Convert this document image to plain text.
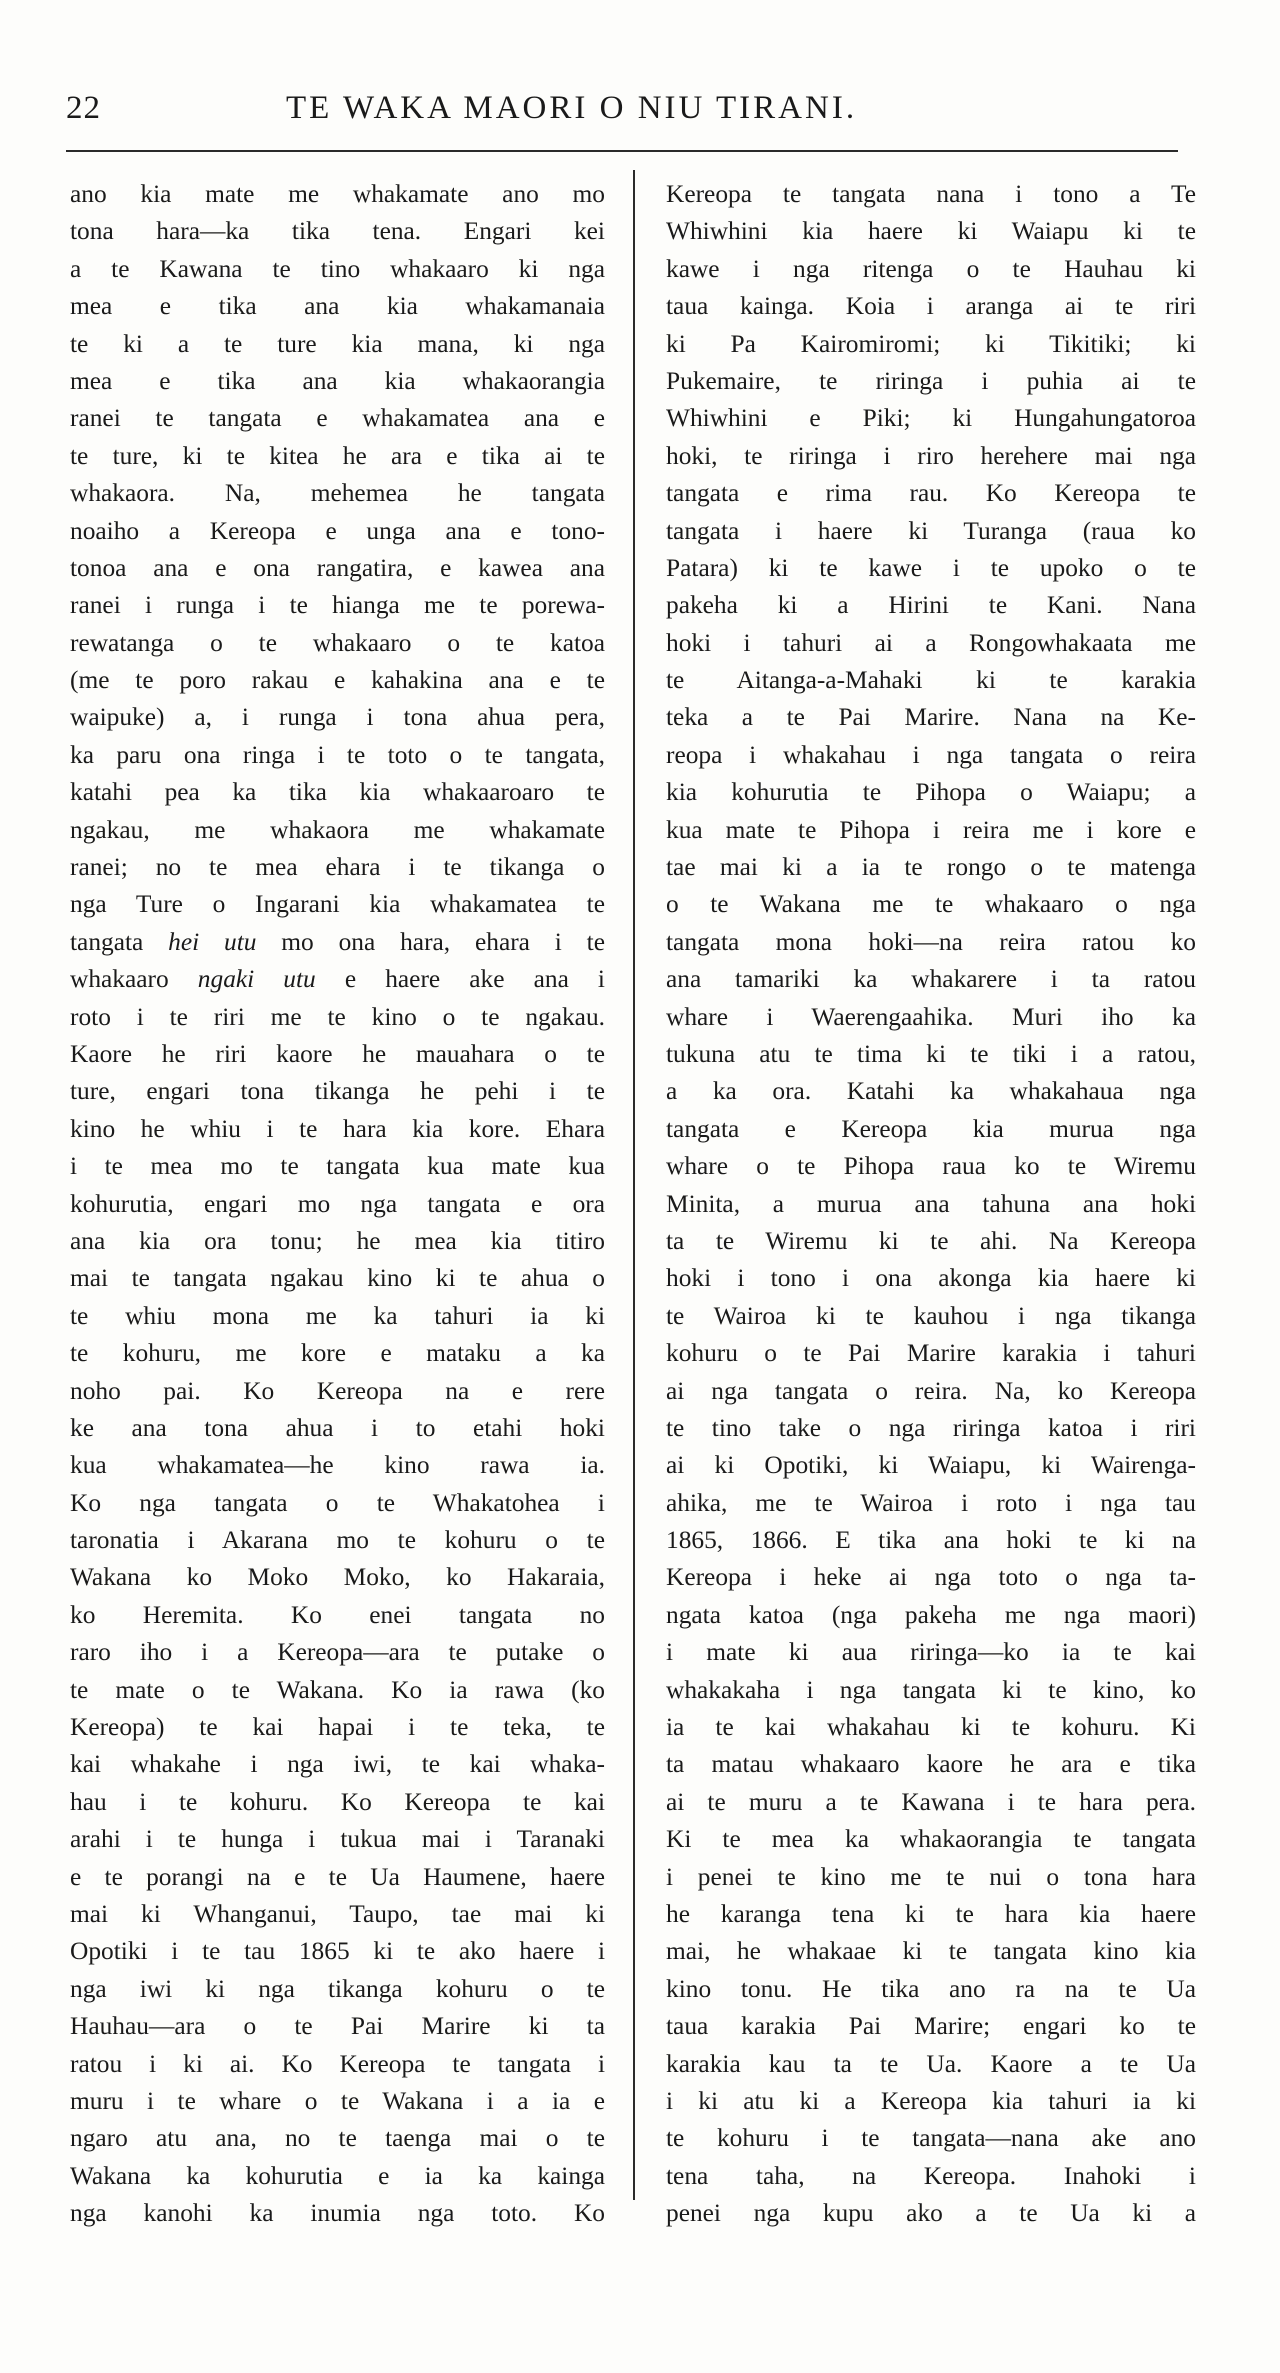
22	TE WAKA MAORI O NIU TIRANI.
ano kia mate me whakamate ano mo
tona hara—ka tika tena. Engari kei
a te Kawana te tino whakaaro ki nga
mea e tika ana kia whakamanaia
te ki a te ture kia mana, ki nga
mea e tika ana kia whakaorangia
ranei te tangata e whakamatea ana e
te ture, ki te kitea he ara e tika ai te
whakaora. Na, mehemea he tangata
noaiho a Kereopa e unga ana e tono-
tonoa ana e ona rangatira, e kawea ana
ranei i runga i te hianga me te porewa-
rewatanga o te whakaaro o te katoa
(me te poro rakau e kahakina ana e te
waipuke) a, i runga i tona ahua pera,
ka paru ona ringa i te toto o te tangata,
katahi pea ka tika kia whakaaroaro te
ngakau, me whakaora me whakamate
ranei; no te mea ehara i te tikanga o
nga Ture o Ingarani kia whakamatea te
tangata hei utu mo ona hara, ehara i te
whakaaro ngaki utu e haere ake ana i
roto i te riri me te kino o te ngakau.
Kaore he riri kaore he mauahara o te
ture, engari tona tikanga he pehi i te
kino he whiu i te hara kia kore. Ehara
i te mea mo te tangata kua mate kua
kohurutia, engari mo nga tangata e ora
ana kia ora tonu; he mea kia titiro
mai te tangata ngakau kino ki te ahua o
te whiu mona me ka tahuri ia ki
te kohuru, me kore e mataku a ka
noho pai. Ko Kereopa na e rere
ke ana tona ahua i to etahi hoki
kua whakamatea—he kino rawa ia.
Ko nga tangata o te Whakatohea i
taronatia i Akarana mo te kohuru o te
Wakana ko Moko Moko, ko Hakaraia,
ko Heremita. Ko enei tangata no
raro iho i a Kereopa—ara te putake o
te mate o te Wakana. Ko ia rawa (ko
Kereopa) te kai hapai i te teka, te
kai whakahe i nga iwi, te kai whaka-
hau i te kohuru. Ko Kereopa te kai
arahi i te hunga i tukua mai i Taranaki
e te porangi na e te Ua Haumene, haere
mai ki Whanganui, Taupo, tae mai ki
Opotiki i te tau 1865 ki te ako haere i
nga iwi ki nga tikanga kohuru o te
Hauhau—ara o te Pai Marire ki ta
ratou i ki ai. Ko Kereopa te tangata i
muru i te whare o te Wakana i a ia e
ngaro atu ana, no te taenga mai o te
Wakana ka kohurutia e ia ka kainga
nga kanohi ka inumia nga toto. Ko
Kereopa te tangata nana i tono a Te
Whiwhini kia haere ki Waiapu ki te
kawe i nga ritenga o te Hauhau ki
taua kainga. Koia i aranga ai te riri
ki Pa Kairomiromi; ki Tikitiki; ki
Pukemaire, te riringa i puhia ai te
Whiwhini e Piki; ki Hungahungatoroa
hoki, te riringa i riro herehere mai nga
tangata e rima rau. Ko Kereopa te
tangata i haere ki Turanga (raua ko
Patara) ki te kawe i te upoko o te
pakeha ki a Hirini te Kani. Nana
hoki i tahuri ai a Rongowhakaata me
te Aitanga-a-Mahaki ki te karakia
teka a te Pai Marire. Nana na Ke-
reopa i whakahau i nga tangata o reira
kia kohurutia te Pihopa o Waiapu; a
kua mate te Pihopa i reira me i kore e
tae mai ki a ia te rongo o te matenga
o te Wakana me te whakaaro o nga
tangata mona hoki—na reira ratou ko
ana tamariki ka whakarere i ta ratou
whare i Waerengaahika. Muri iho ka
tukuna atu te tima ki te tiki i a ratou,
a ka ora. Katahi ka whakahaua nga
tangata e Kereopa kia murua nga
whare o te Pihopa raua ko te Wiremu
Minita, a murua ana tahuna ana hoki
ta te Wiremu ki te ahi. Na Kereopa
hoki i tono i ona akonga kia haere ki
te Wairoa ki te kauhou i nga tikanga
kohuru o te Pai Marire karakia i tahuri
ai nga tangata o reira. Na, ko Kereopa
te tino take o nga riringa katoa i riri
ai ki Opotiki, ki Waiapu, ki Wairenga-
ahika, me te Wairoa i roto i nga tau
1865, 1866. E tika ana hoki te ki na
Kereopa i heke ai nga toto o nga ta-
ngata katoa (nga pakeha me nga maori)
i mate ki aua riringa—ko ia te kai
whakakaha i nga tangata ki te kino, ko
ia te kai whakahau ki te kohuru. Ki
ta matau whakaaro kaore he ara e tika
ai te muru a te Kawana i te hara pera.
Ki te mea ka whakaorangia te tangata
i penei te kino me te nui o tona hara
he karanga tena ki te hara kia haere
mai, he whakaae ki te tangata kino kia
kino tonu. He tika ano ra na te Ua
taua karakia Pai Marire; engari ko te
karakia kau ta te Ua. Kaore a te Ua
i ki atu ki a Kereopa kia tahuri ia ki
te kohuru i te tangata—nana ake ano
tena taha, na Kereopa. Inahoki i
penei nga kupu ako a te Ua ki a
